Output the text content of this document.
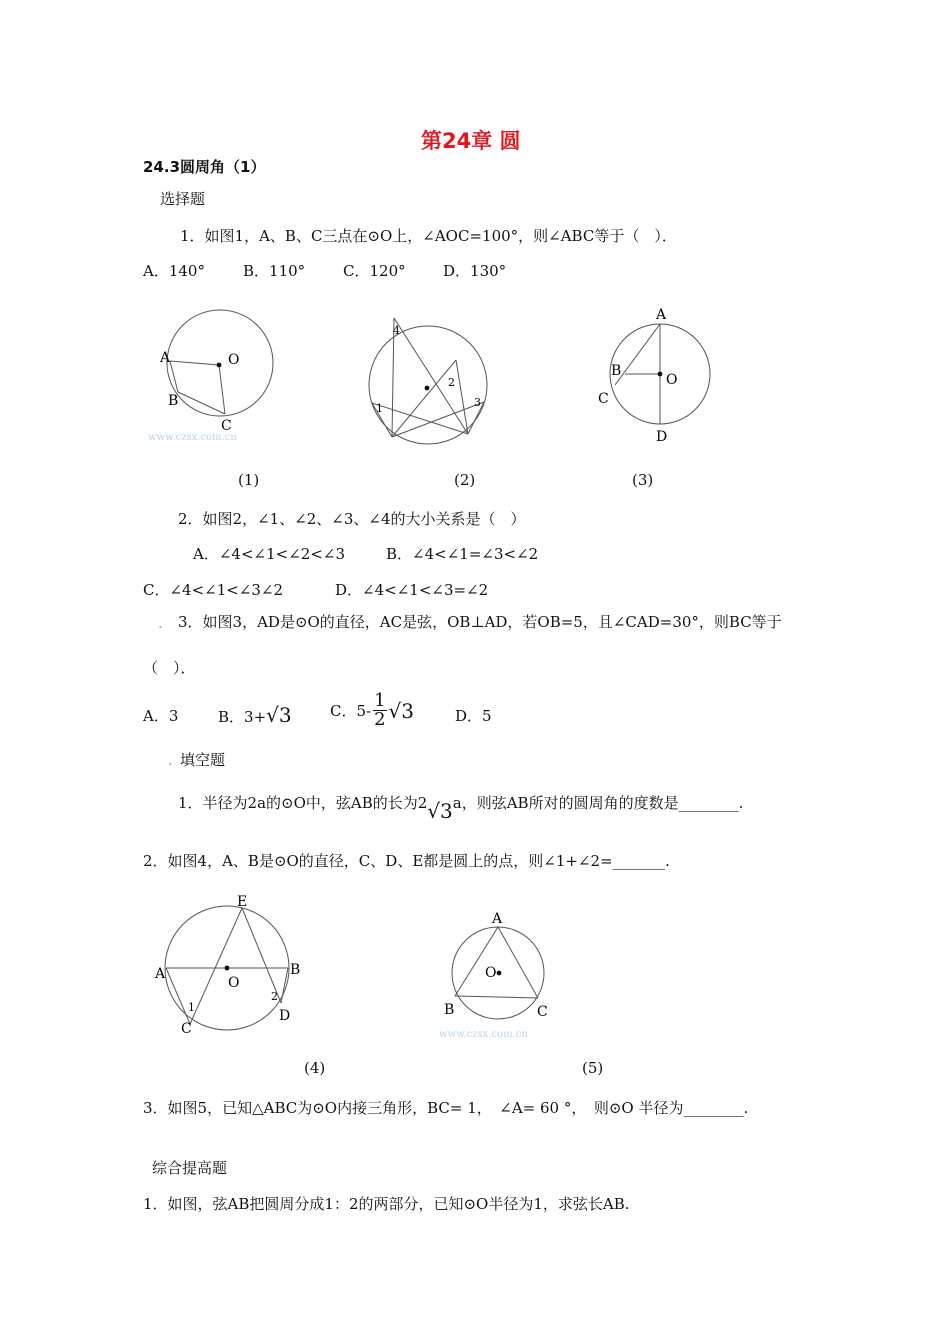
第24章 圆
24.3圆周角（1）
选择题
1．如图1，A、B、C三点在⊙O上，∠AOC=100°，则∠ABC等于（　）．
A．140°	B．110°	C．120° D．130°
A	O
B
C
www.czsx.com.cn
(1)
4
2
1	3
(2)
A
B
O
C
D
(3)
2．如图2，∠1、∠2、∠3、∠4的大小关系是（　）
A．∠4<∠1<∠2<∠3	B．∠4<∠1=∠3<∠2
C．∠4<∠1<∠3∠2	D．∠4<∠1<∠3=∠2
. 3．如图3，AD是⊙O的直径，AC是弦，OB⊥AD，若OB=5，且∠CAD=30°，则BC等于
（　）．
A．3	B．3+√3	C．$5- \frac{1}{2} √3$	D．5
. 填空题
1．半径为2a的⊙O中，弦AB的长为2√3a，则弦AB所对的圆周角的度数是________.
2．如图4，A、B是⊙O的直径，C、D、E都是圆上的点，则∠1+∠2=_______.
E
A	B
O
1
2
C
D
(4)
A
O
B	C
www.czsx.com.cn
(5)
3．如图5，已知△ABC为⊙O内接三角形，BC= 1，　∠A= 60 °，　则⊙O 半径为________.
综合提高题
1．如图，弦AB把圆周分成1：2的两部分，已知⊙O半径为1，求弦长AB.
